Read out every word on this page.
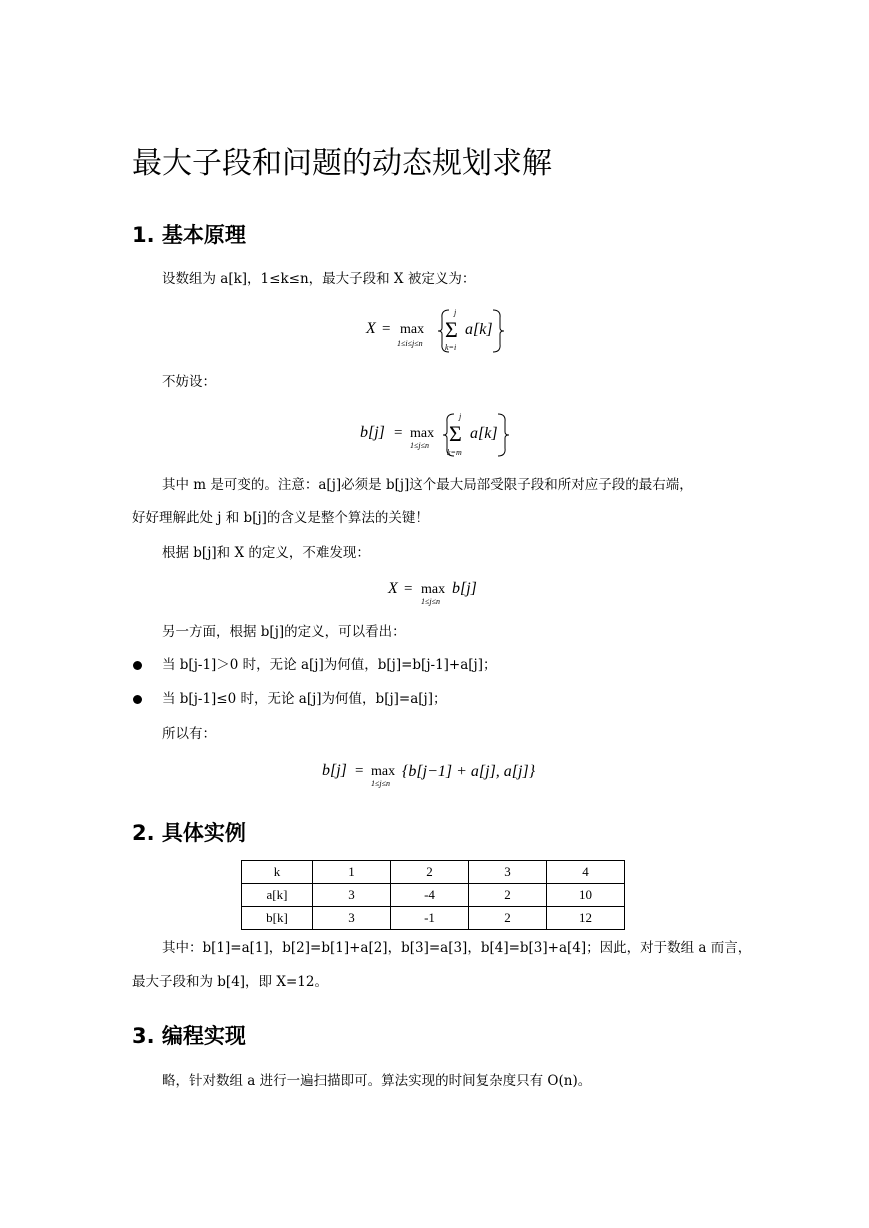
最大子段和问题的动态规划求解
1. 基本原理
设数组为 a[k]，1≤k≤n，最大子段和 X 被定义为：
X = max
1≤i≤j≤n
j
Σ
k=i
a[k]
不妨设：
b[j] = max
1≤j≤n
j
Σ
k=m
a[k]
其中 m 是可变的。注意：a[j]必须是 b[j]这个最大局部受限子段和所对应子段的最右端，
好好理解此处 j 和 b[j]的含义是整个算法的关键！
根据 b[j]和 X 的定义，不难发现：
X = max
1≤j≤n
b[j]
另一方面，根据 b[j]的定义，可以看出：
当 b[j-1]＞0 时，无论 a[j]为何值，b[j]=b[j-1]+a[j]；
当 b[j-1]≤0 时，无论 a[j]为何值，b[j]=a[j]；
所以有：
b[j] = max
1≤j≤n
{b[j−1] + a[j], a[j]}
2. 具体实例
k	1	2	3	4
a[k]	3	-4	2	10
b[k]	3	-1	2	12
其中：b[1]=a[1]，b[2]=b[1]+a[2]，b[3]=a[3]，b[4]=b[3]+a[4]；因此，对于数组 a 而言，
最大子段和为 b[4]，即 X=12。
3. 编程实现
略，针对数组 a 进行一遍扫描即可。算法实现的时间复杂度只有 O(n)。
